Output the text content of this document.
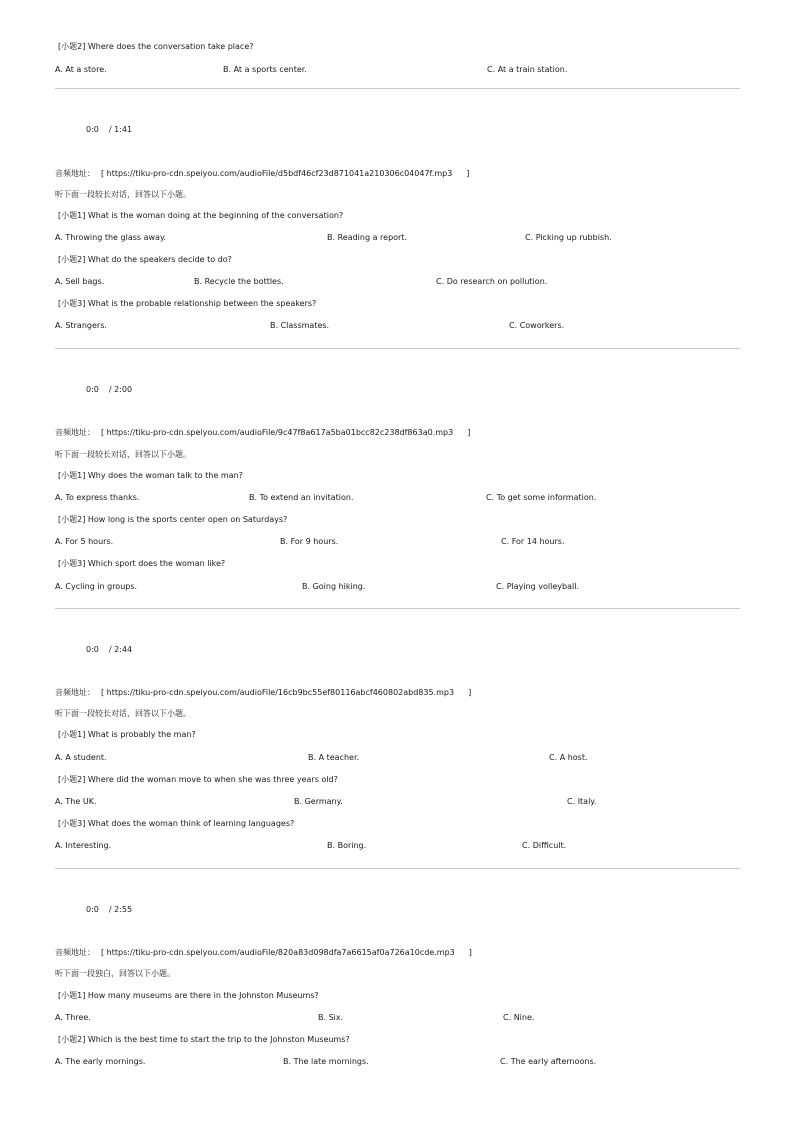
[小题2] Where does the conversation take place?
A. At a store.	B. At a sports center.	C. At a train station.
0:0 / 1:41
音频地址： [ https://tiku-pro-cdn.speiyou.com/audioFile/d5bdf46cf23d871041a210306c04047f.mp3 ]
听下面一段较长对话，回答以下小题。
[小题1] What is the woman doing at the beginning of the conversation?
A. Throwing the glass away.	B. Reading a report.	C. Picking up rubbish.
[小题2] What do the speakers decide to do?
A. Sell bags.	B. Recycle the bottles.	C. Do research on pollution.
[小题3] What is the probable relationship between the speakers?
A. Strangers.	B. Classmates.	C. Coworkers.
0:0 / 2:00
音频地址： [ https://tiku-pro-cdn.speiyou.com/audioFile/9c47f8a617a5ba01bcc82c238df863a0.mp3 ]
听下面一段较长对话，回答以下小题。
[小题1] Why does the woman talk to the man?
A. To express thanks.	B. To extend an invitation.	C. To get some information.
[小题2] How long is the sports center open on Saturdays?
A. For 5 hours.	B. For 9 hours.	C. For 14 hours.
[小题3] Which sport does the woman like?
A. Cycling in groups.	B. Going hiking.	C. Playing volleyball.
0:0 / 2:44
音频地址： [ https://tiku-pro-cdn.speiyou.com/audioFile/16cb9bc55ef80116abcf460802abd835.mp3 ]
听下面一段较长对话，回答以下小题。
[小题1] What is probably the man?
A. A student.	B. A teacher.	C. A host.
[小题2] Where did the woman move to when she was three years old?
A. The UK.	B. Germany.	C. Italy.
[小题3] What does the woman think of learning languages?
A. Interesting.	B. Boring.	C. Difficult.
0:0 / 2:55
音频地址： [ https://tiku-pro-cdn.speiyou.com/audioFile/820a83d098dfa7a6615af0a726a10cde.mp3 ]
听下面一段独白，回答以下小题。
[小题1] How many museums are there in the Johnston Museums?
A. Three.	B. Six.	C. Nine.
[小题2] Which is the best time to start the trip to the Johnston Museums?
A. The early mornings.	B. The late mornings.	C. The early afternoons.
